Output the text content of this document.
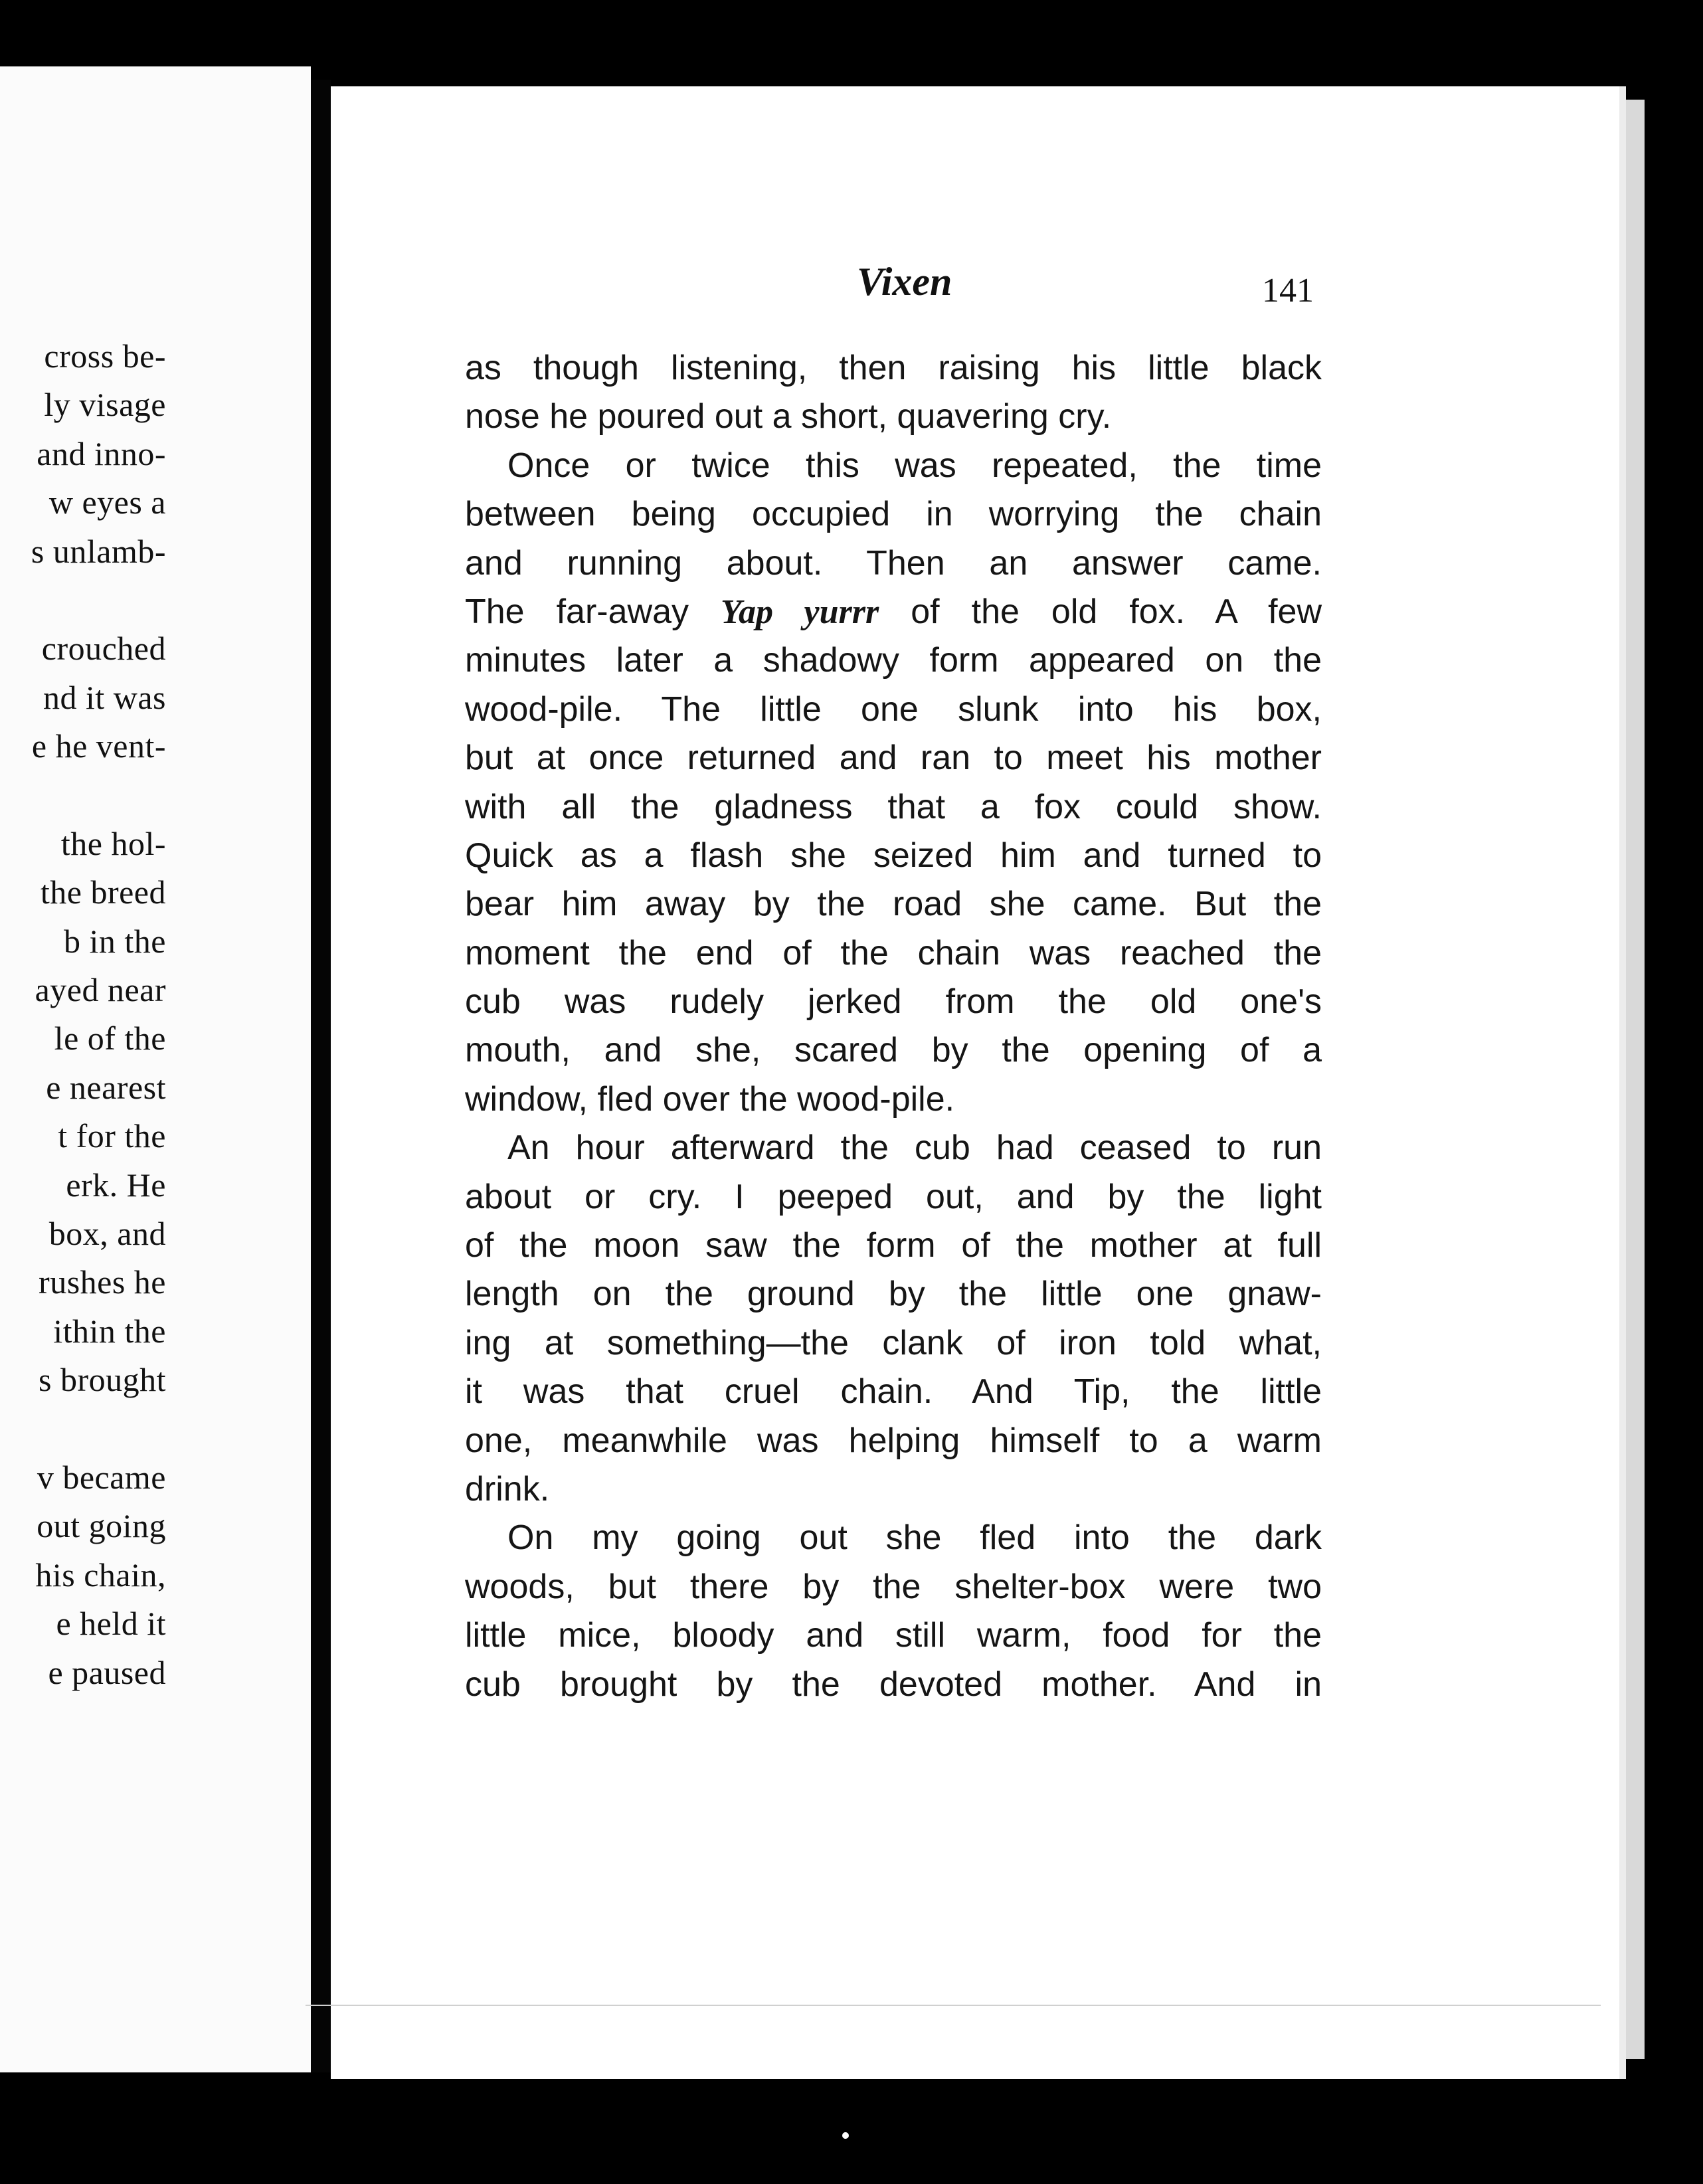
cross be-
ly visage
and inno-
w eyes a
s unlamb-
crouched
nd it was
e he vent-
the hol-
the breed
b in the
ayed near
le of the
e nearest
t for the
erk. He
box, and
rushes he
ithin the
s brought
v became
out going
his chain,
e held it
e paused
Vixen	141
as though listening, then raising his little black
nose he poured out a short, quavering cry.
Once or twice this was repeated, the time
between being occupied in worrying the chain
and running about. Then an answer came.
The far-away Yap yurrr of the old fox. A few
minutes later a shadowy form appeared on the
wood-pile. The little one slunk into his box,
but at once returned and ran to meet his mother
with all the gladness that a fox could show.
Quick as a flash she seized him and turned to
bear him away by the road she came. But the
moment the end of the chain was reached the
cub was rudely jerked from the old one's
mouth, and she, scared by the opening of a
window, fled over the wood-pile.
An hour afterward the cub had ceased to run
about or cry. I peeped out, and by the light
of the moon saw the form of the mother at full
length on the ground by the little one gnaw-
ing at something—the clank of iron told what,
it was that cruel chain. And Tip, the little
one, meanwhile was helping himself to a warm
drink.
On my going out she fled into the dark
woods, but there by the shelter-box were two
little mice, bloody and still warm, food for the
cub brought by the devoted mother. And in
